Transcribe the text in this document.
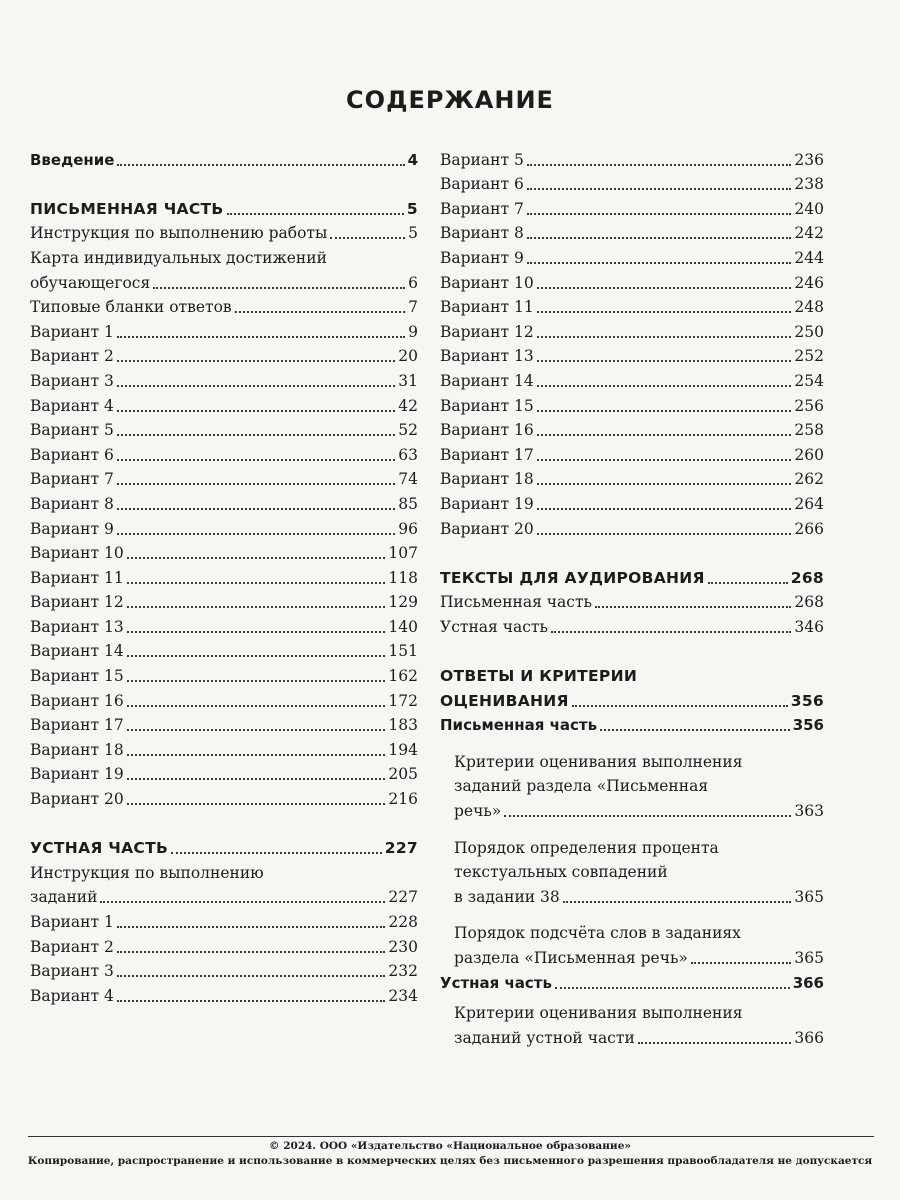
СОДЕРЖАНИЕ
Введение	4
ПИСЬМЕННАЯ ЧАСТЬ	5
Инструкция по выполнению работы	5
Карта индивидуальных достижений
обучающегося	6
Типовые бланки ответов	7
Вариант 1	9
Вариант 2	20
Вариант 3	31
Вариант 4	42
Вариант 5	52
Вариант 6	63
Вариант 7	74
Вариант 8	85
Вариант 9	96
Вариант 10	107
Вариант 11	118
Вариант 12	129
Вариант 13	140
Вариант 14	151
Вариант 15	162
Вариант 16	172
Вариант 17	183
Вариант 18	194
Вариант 19	205
Вариант 20	216
УСТНАЯ ЧАСТЬ	227
Инструкция по выполнению
заданий	227
Вариант 1	228
Вариант 2	230
Вариант 3	232
Вариант 4	234
Вариант 5	236
Вариант 6	238
Вариант 7	240
Вариант 8	242
Вариант 9	244
Вариант 10	246
Вариант 11	248
Вариант 12	250
Вариант 13	252
Вариант 14	254
Вариант 15	256
Вариант 16	258
Вариант 17	260
Вариант 18	262
Вариант 19	264
Вариант 20	266
ТЕКСТЫ ДЛЯ АУДИРОВАНИЯ	268
Письменная часть	268
Устная часть	346
ОТВЕТЫ И КРИТЕРИИ
ОЦЕНИВАНИЯ	356
Письменная часть	356
Критерии оценивания выполнения
заданий раздела «Письменная
речь»	363
Порядок определения процента
текстуальных совпадений
в задании 38	365
Порядок подсчёта слов в заданиях
раздела «Письменная речь»	365
Устная часть	366
Критерии оценивания выполнения
заданий устной части	366
© 2024. ООО «Издательство «Национальное образование»
Копирование, распространение и использование в коммерческих целях без письменного разрешения правообладателя не допускается
